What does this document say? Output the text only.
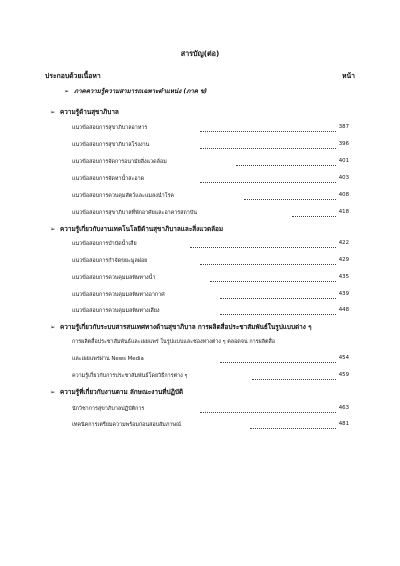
สารบัญ(ต่อ)
ประกอบด้วยเนื้อหา	หน้า
➢ ภาคความรู้ความสามารถเฉพาะตำแหน่ง (ภาค ข)
➢ ความรู้ด้านสุขาภิบาล
แนวข้อสอบการสุขาภิบาลอาหาร	387
แนวข้อสอบการสุขาภิบาลโรงงาน	396
แนวข้อสอบการจัดการอนามัยสิ่งแวดล้อม	401
แนวข้อสอบการจัดหาน้ำสะอาด	403
แนวข้อสอบการควบคุมสัตว์และแมลงนำโรค	408
แนวข้อสอบการสุขาภิบาลที่พักอาศัยและอาคารสถาบัน	418
➢ ความรู้เกี่ยวกับงานเทคโนโลยีด้านสุขาภิบาลและสิ่งแวดล้อม
แนวข้อสอบการบำบัดน้ำเสีย	422
แนวข้อสอบการกำจัดขยะมูลฝอย	429
แนวข้อสอบการควบคุมมลพิษทางน้ำ	435
แนวข้อสอบการควบคุมมลพิษทางอากาศ	439
แนวข้อสอบการควบคุมมลพิษทางเสียง	448
➢ ความรู้เกี่ยวกับระบบสารสนเทศทางด้านสุขาภิบาล การผลิตสื่อประชาสัมพันธ์ในรูปแบบต่าง ๆ
การผลิตสื่อประชาสัมพันธ์และเผยแพร่ ในรูปแบบและช่องทางต่าง ๆ ตลอดจน การผลิตสื่อ
และเผยแพร่ผ่าน News Media	454
ความรู้เกี่ยวกับการประชาสัมพันธ์โดยวิธีการต่าง ๆ	459
➢ ความรู้ที่เกี่ยวกับงานตาม ลักษณะงานที่ปฏิบัติ
นักวิชาการสุขาภิบาลปฏิบัติการ	463
เทคนิคการเตรียมความพร้อมก่อนสอบสัมภาษณ์	481
